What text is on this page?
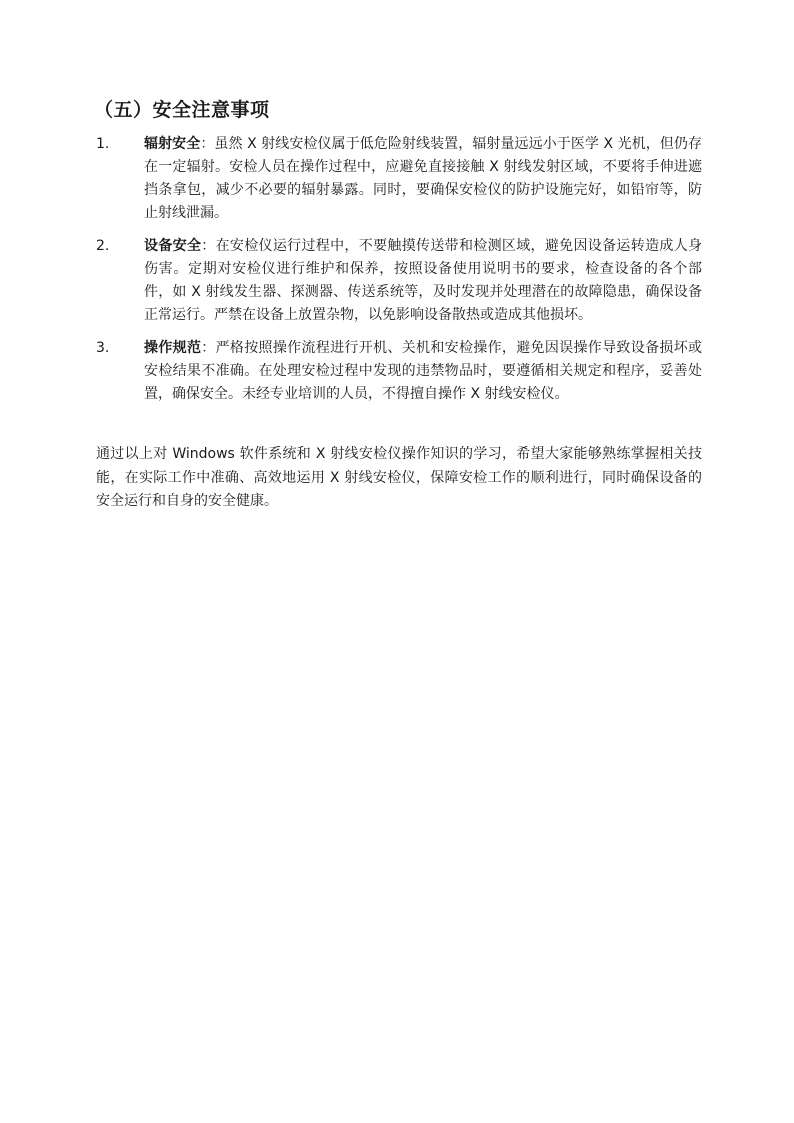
（五）安全注意事项
1. 辐射安全：虽然 X 射线安检仪属于低危险射线装置，辐射量远远小于医学 X 光机，但仍存在一定辐射。安检人员在操作过程中，应避免直接接触 X 射线发射区域，不要将手伸进遮挡条拿包，减少不必要的辐射暴露。同时，要确保安检仪的防护设施完好，如铅帘等，防止射线泄漏。
2. 设备安全：在安检仪运行过程中，不要触摸传送带和检测区域，避免因设备运转造成人身伤害。定期对安检仪进行维护和保养，按照设备使用说明书的要求，检查设备的各个部件，如 X 射线发生器、探测器、传送系统等，及时发现并处理潜在的故障隐患，确保设备正常运行。严禁在设备上放置杂物，以免影响设备散热或造成其他损坏。
3. 操作规范：严格按照操作流程进行开机、关机和安检操作，避免因误操作导致设备损坏或安检结果不准确。在处理安检过程中发现的违禁物品时，要遵循相关规定和程序，妥善处置，确保安全。未经专业培训的人员，不得擅自操作 X 射线安检仪。

通过以上对 Windows 软件系统和 X 射线安检仪操作知识的学习，希望大家能够熟练掌握相关技能，在实际工作中准确、高效地运用 X 射线安检仪，保障安检工作的顺利进行，同时确保设备的安全运行和自身的安全健康。
